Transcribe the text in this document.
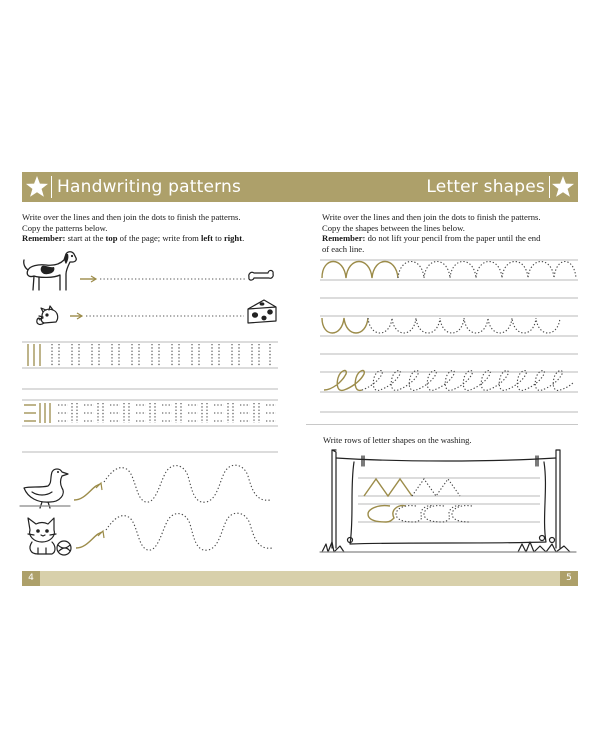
Handwriting patterns	Letter shapes
Write over the lines and then join the dots to finish the patterns.
Copy the patterns below.
Remember: start at the top of the page; write from left to right.
Write over the lines and then join the dots to finish the patterns.
Copy the shapes between the lines below.
Remember: do not lift your pencil from the paper until the end
of each line.
Write rows of letter shapes on the washing.
4	5
